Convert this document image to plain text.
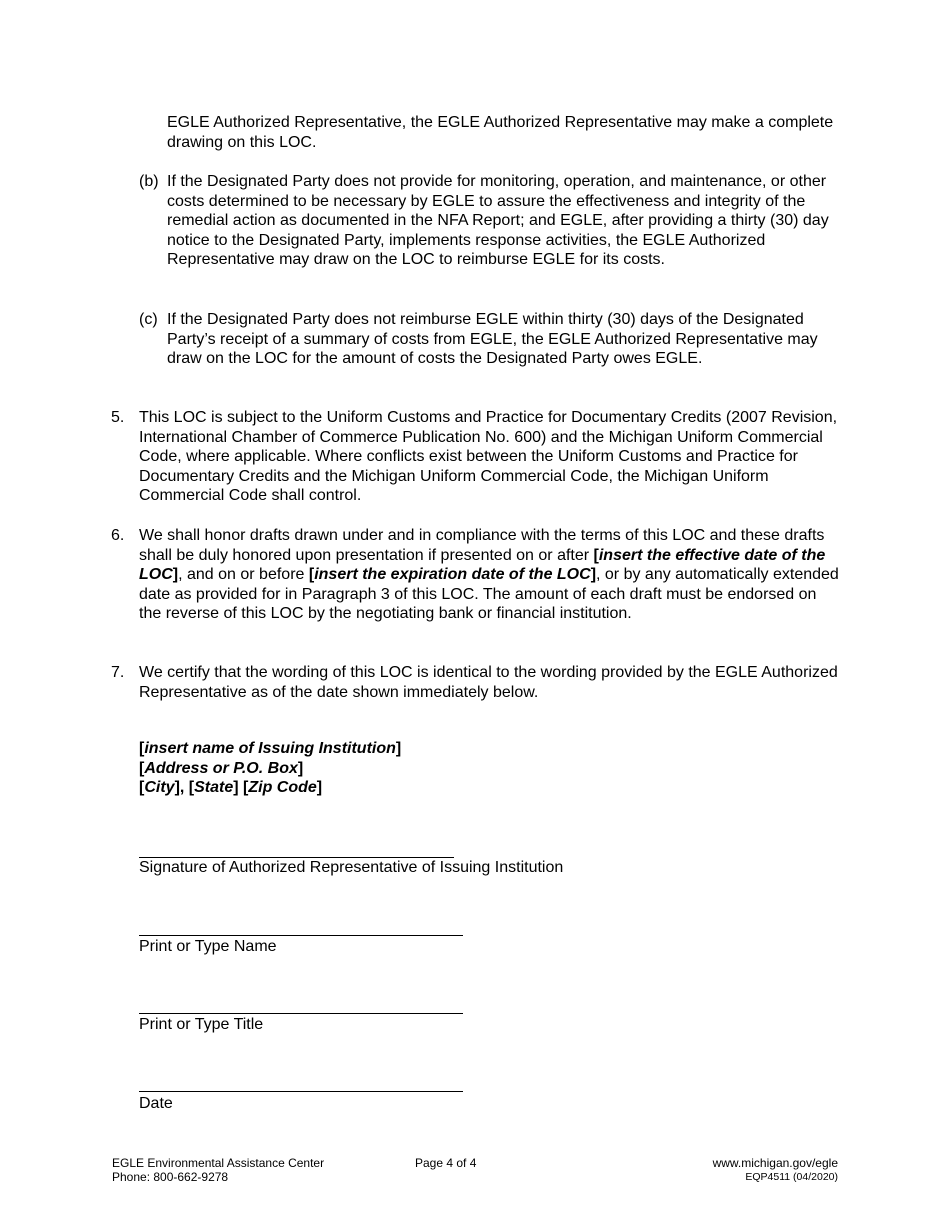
EGLE Authorized Representative, the EGLE Authorized Representative may make a complete drawing on this LOC.
(b) If the Designated Party does not provide for monitoring, operation, and maintenance, or other costs determined to be necessary by EGLE to assure the effectiveness and integrity of the remedial action as documented in the NFA Report; and EGLE, after providing a thirty (30) day notice to the Designated Party, implements response activities, the EGLE Authorized Representative may draw on the LOC to reimburse EGLE for its costs.
(c) If the Designated Party does not reimburse EGLE within thirty (30) days of the Designated Party’s receipt of a summary of costs from EGLE, the EGLE Authorized Representative may draw on the LOC for the amount of costs the Designated Party owes EGLE.
5. This LOC is subject to the Uniform Customs and Practice for Documentary Credits (2007 Revision, International Chamber of Commerce Publication No. 600) and the Michigan Uniform Commercial Code, where applicable. Where conflicts exist between the Uniform Customs and Practice for Documentary Credits and the Michigan Uniform Commercial Code, the Michigan Uniform Commercial Code shall control.
6. We shall honor drafts drawn under and in compliance with the terms of this LOC and these drafts shall be duly honored upon presentation if presented on or after [insert the effective date of the LOC], and on or before [insert the expiration date of the LOC], or by any automatically extended date as provided for in Paragraph 3 of this LOC. The amount of each draft must be endorsed on the reverse of this LOC by the negotiating bank or financial institution.
7. We certify that the wording of this LOC is identical to the wording provided by the EGLE Authorized Representative as of the date shown immediately below.
[insert name of Issuing Institution]
[Address or P.O. Box]
[City], [State] [Zip Code]
Signature of Authorized Representative of Issuing Institution
Print or Type Name
Print or Type Title
Date
EGLE Environmental Assistance Center
Phone: 800-662-9278
Page 4 of 4	www.michigan.gov/egle
EQP4511 (04/2020)
